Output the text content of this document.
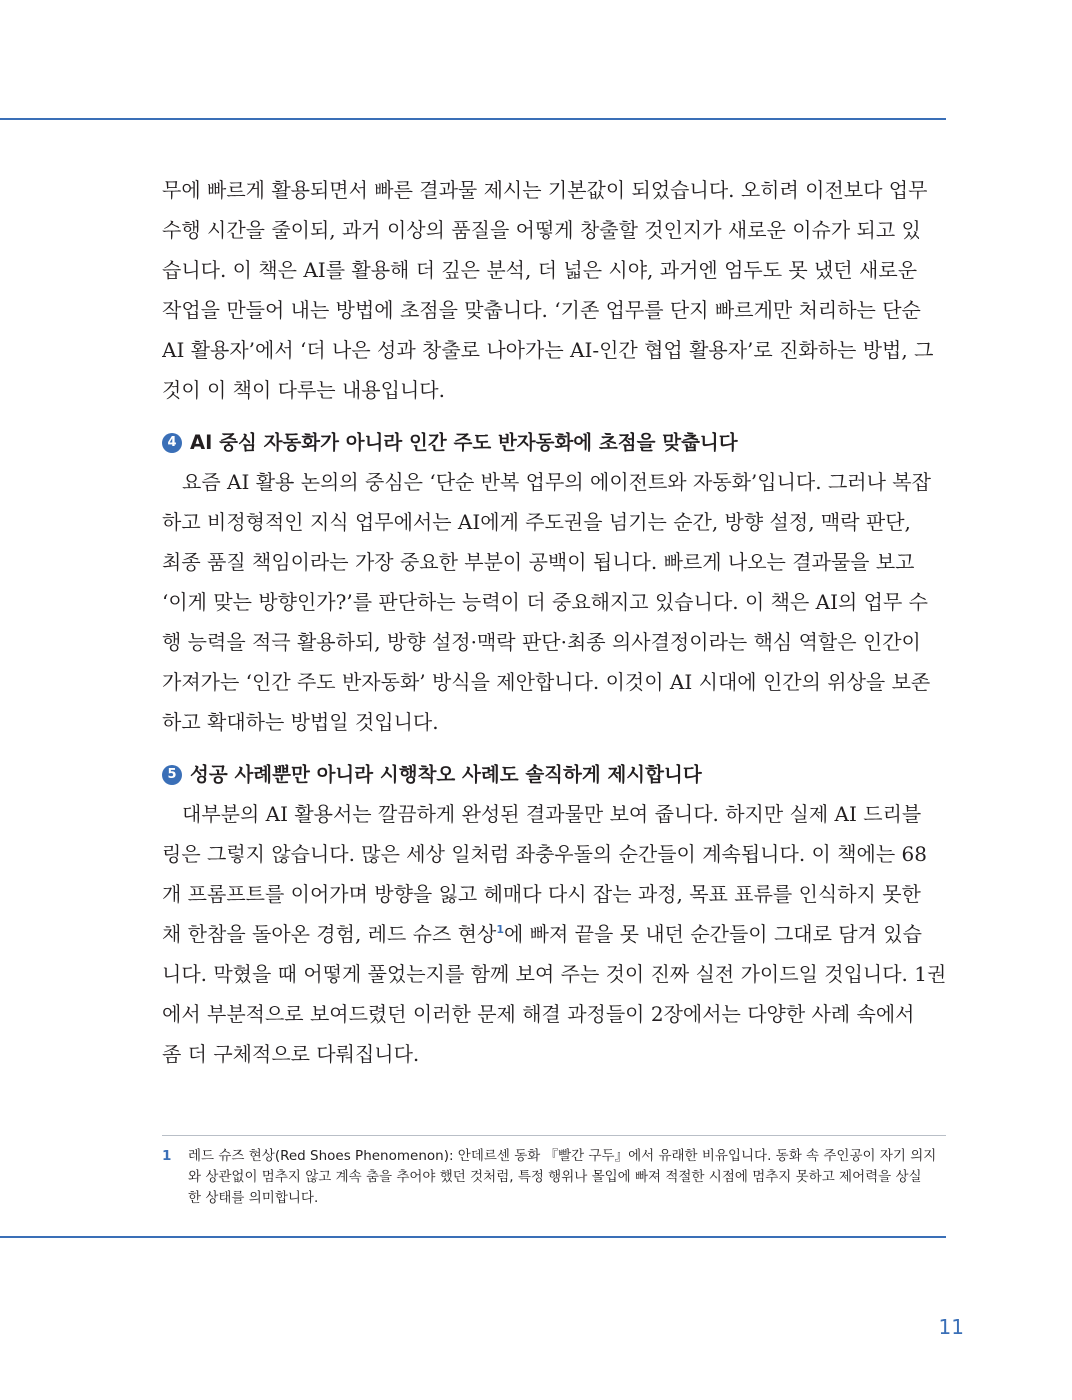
무에 빠르게 활용되면서 빠른 결과물 제시는 기본값이 되었습니다. 오히려 이전보다 업무

수행 시간을 줄이되, 과거 이상의 품질을 어떻게 창출할 것인지가 새로운 이슈가 되고 있

습니다. 이 책은 AI를 활용해 더 깊은 분석, 더 넓은 시야, 과거엔 엄두도 못 냈던 새로운

작업을 만들어 내는 방법에 초점을 맞춥니다. ‘기존 업무를 단지 빠르게만 처리하는 단순

AI 활용자’에서 ‘더 나은 성과 창출로 나아가는 AI-인간 협업 활용자’로 진화하는 방법, 그

것이 이 책이 다루는 내용입니다.

4 AI 중심 자동화가 아니라 인간 주도 반자동화에 초점을 맞춥니다

요즘 AI 활용 논의의 중심은 ‘단순 반복 업무의 에이전트와 자동화’입니다. 그러나 복잡

하고 비정형적인 지식 업무에서는 AI에게 주도권을 넘기는 순간, 방향 설정, 맥락 판단,

최종 품질 책임이라는 가장 중요한 부분이 공백이 됩니다. 빠르게 나오는 결과물을 보고

‘이게 맞는 방향인가?’를 판단하는 능력이 더 중요해지고 있습니다. 이 책은 AI의 업무 수

행 능력을 적극 활용하되, 방향 설정·맥락 판단·최종 의사결정이라는 핵심 역할은 인간이

가져가는 ‘인간 주도 반자동화’ 방식을 제안합니다. 이것이 AI 시대에 인간의 위상을 보존

하고 확대하는 방법일 것입니다.

5 성공 사례뿐만 아니라 시행착오 사례도 솔직하게 제시합니다

대부분의 AI 활용서는 깔끔하게 완성된 결과물만 보여 줍니다. 하지만 실제 AI 드리블

링은 그렇지 않습니다. 많은 세상 일처럼 좌충우돌의 순간들이 계속됩니다. 이 책에는 68

개 프롬프트를 이어가며 방향을 잃고 헤매다 다시 잡는 과정, 목표 표류를 인식하지 못한

채 한참을 돌아온 경험, 레드 슈즈 현상$^1$에 빠져 끝을 못 내던 순간들이 그대로 담겨 있습

니다. 막혔을 때 어떻게 풀었는지를 함께 보여 주는 것이 진짜 실전 가이드일 것입니다. 1권

에서 부분적으로 보여드렸던 이러한 문제 해결 과정들이 2장에서는 다양한 사례 속에서

좀 더 구체적으로 다뤄집니다.

1	레드 슈즈 현상(Red Shoes Phenomenon): 안데르센 동화 『빨간 구두』에서 유래한 비유입니다. 동화 속 주인공이 자기 의지
와 상관없이 멈추지 않고 계속 춤을 추어야 했던 것처럼, 특정 행위나 몰입에 빠져 적절한 시점에 멈추지 못하고 제어력을 상실
한 상태를 의미합니다.
11
